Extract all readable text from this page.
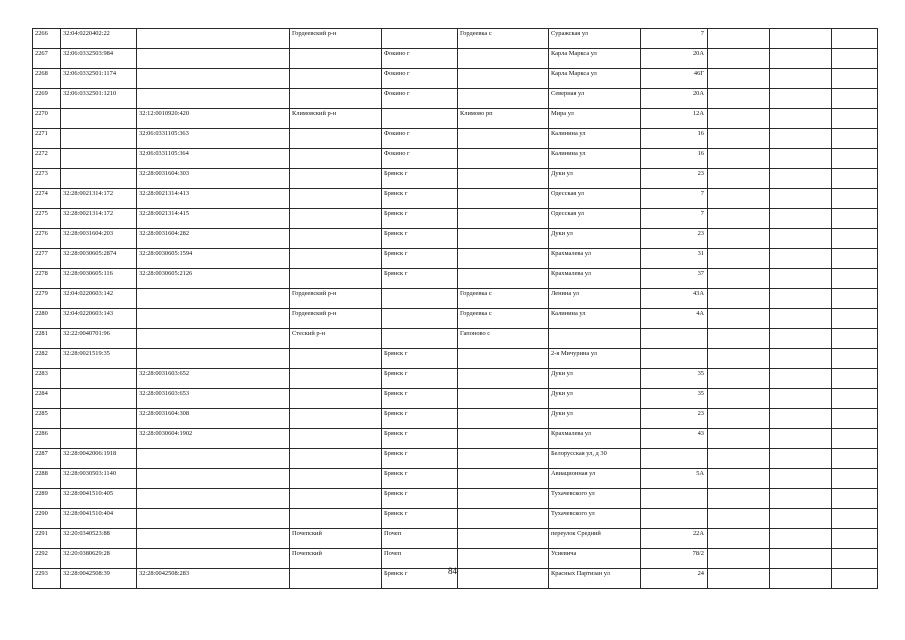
2266	32:04:0220402:22		Гордеевский р-н		Гордеевка с	Суражская ул	7			
2267	32:06:0332503:984			Фокино г		Карла Маркса ул	20А			
2268	32:06:0332501:1174			Фокино г		Карла Маркса ул	46Г			
2269	32:06:0332501:1210			Фокино г		Северная ул	20А			
2270		32:12:0010920:420	Климовский р-н		Климово рп	Мира ул	12А			
2271		32:06:0331105:363		Фокино г		Калинина ул	16			
2272		32:06:0331105:364		Фокино г		Калинина ул	16			
2273		32:28:0031604:303		Брянск г		Дуки ул	23			
2274	32:28:0021314:172	32:28:0021314:413		Брянск г		Одесская ул	7			
2275	32:28:0021314:172	32:28:0021314:415		Брянск г		Одесская ул	7			
2276	32:28:0031604:203	32:28:0031604:282		Брянск г		Дуки ул	23			
2277	32:28:0030605:2874	32:28:0030605:1594		Брянск г		Крахмалева ул	31			
2278	32:28:0030605:116	32:28:0030605:2126		Брянск г		Крахмалева ул	37			
2279	32:04:0220603:142		Гордеевский р-н		Гордеевка с	Ленина ул	43А			
2280	32:04:0220603:143		Гордеевский р-н		Гордеевка с	Калинина ул	4А			
2281	32:22:0040701:96		Стеский р-н		Гапоново с					
2282	32:28:0021519:35			Брянск г		2-я Мичурина ул				
2283		32:28:0031603:652		Брянск г		Дуки ул	35			
2284		32:28:0031603:653		Брянск г		Дуки ул	35			
2285		32:28:0031604:308		Брянск г		Дуки ул	23			
2286		32:28:0030604:1902		Брянск г		Крахмалева ул	43			
2287	32:28:0042006:1918			Брянск г		Белорусская ул, д 30				
2288	32:28:0030503:1140			Брянск г		Авиационная ул	5А			
2289	32:28:0041510:405			Брянск г		Тухачевского ул				
2290	32:28:0041510:404			Брянск г		Тухачевского ул				
2291	32:20:0340523:88		Почепский	Почеп		переулок Средний	22А			
2292	32:20:0380629:28		Почепский	Почеп		Усиевича	78/2			
2293	32:28:0042508:39	32:28:0042508:283		Брянск г		Красных Партизан ул	24			
84
